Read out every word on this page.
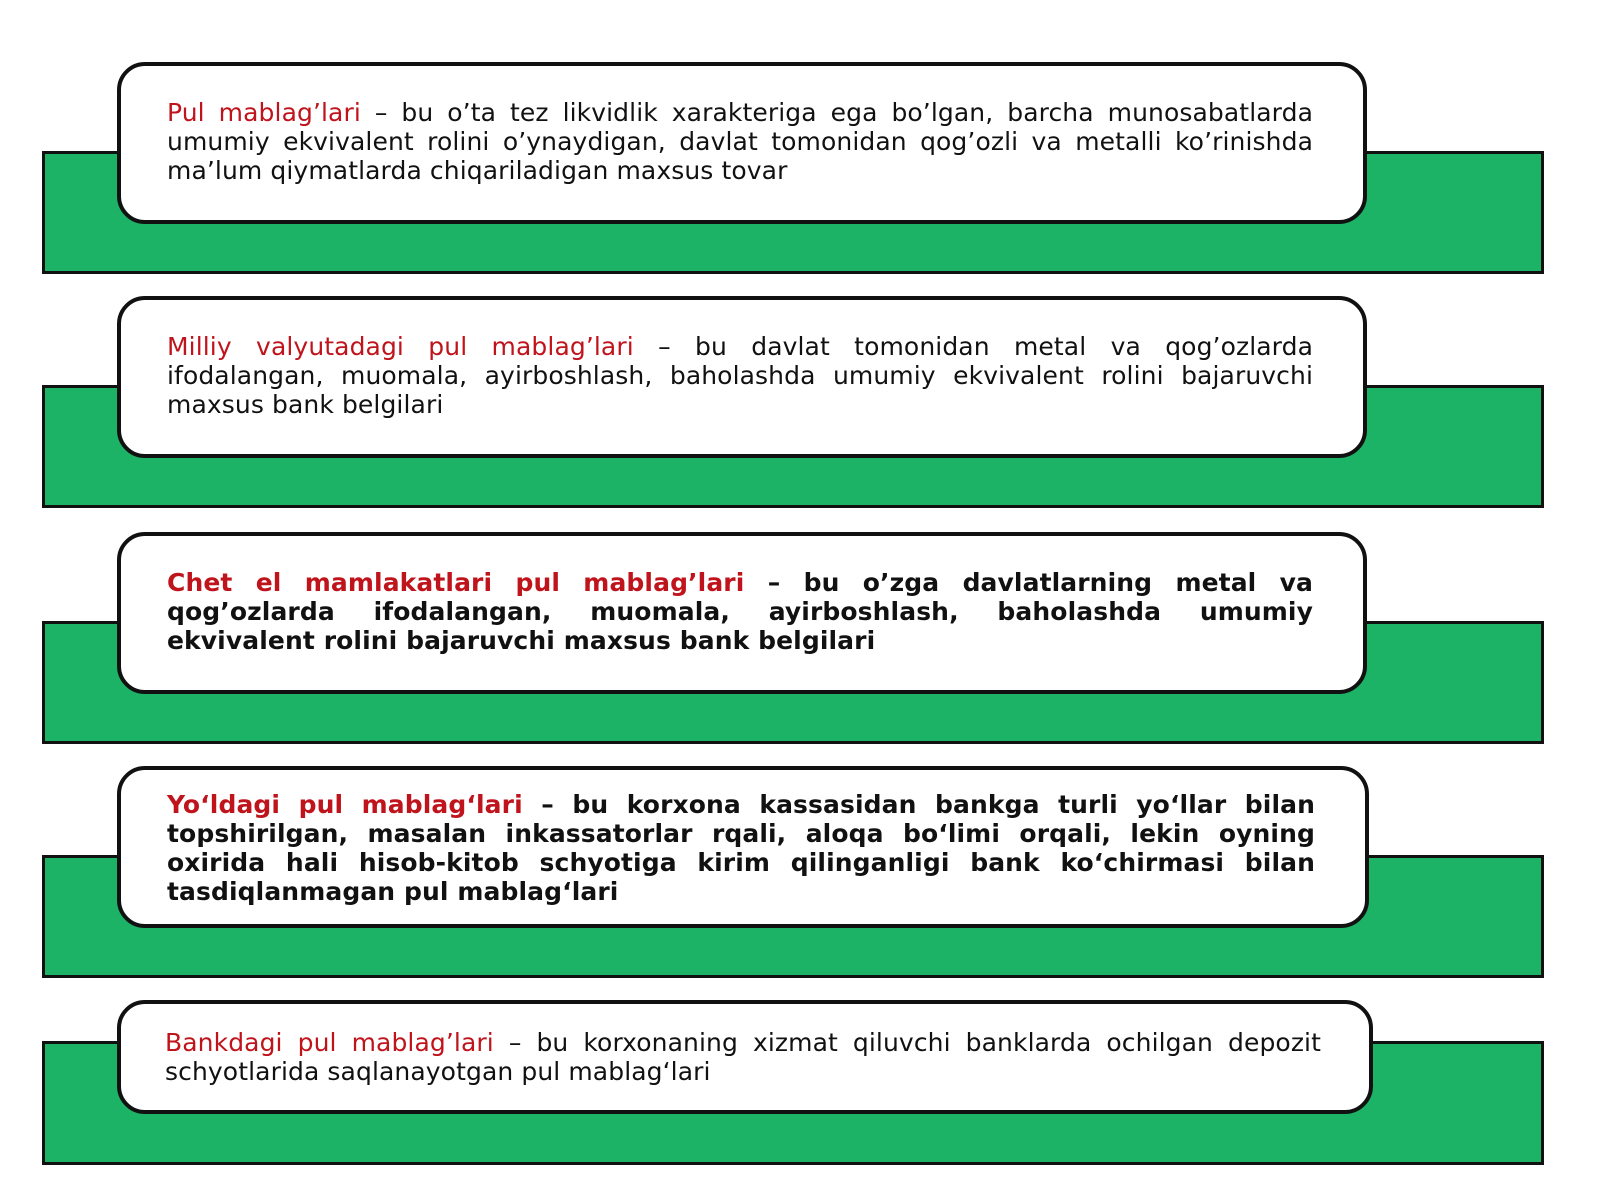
Pul mablag’lari – bu o’ta tez likvidlik xarakteriga ega bo’lgan, barcha munosabatlarda umumiy ekvivalent rolini o’ynaydigan, davlat tomonidan qog’ozli va metalli ko’rinishda ma’lum qiymatlarda chiqariladigan maxsus tovar

Milliy valyutadagi pul mablag’lari – bu davlat tomonidan metal va qog’ozlarda ifodalangan, muomala, ayirboshlash, baholashda umumiy ekvivalent rolini bajaruvchi maxsus bank belgilari

Chet el mamlakatlari pul mablag’lari – bu o’zga davlatlarning metal va qog’ozlarda ifodalangan, muomala, ayirboshlash, baholashda umumiy ekvivalent rolini bajaruvchi maxsus bank belgilari

Yo‘ldagi pul mablag‘lari – bu korxona kassasidan bankga turli yo‘llar bilan topshirilgan, masalan inkassatorlar rqali, aloqa bo‘limi orqali, lekin oyning oxirida hali hisob-kitob schyotiga kirim qilinganligi bank ko‘chirmasi bilan tasdiqlanmagan pul mablag‘lari

Bankdagi pul mablag’lari – bu korxonaning xizmat qiluvchi banklarda ochilgan depozit schyotlarida saqlanayotgan pul mablag‘lari
